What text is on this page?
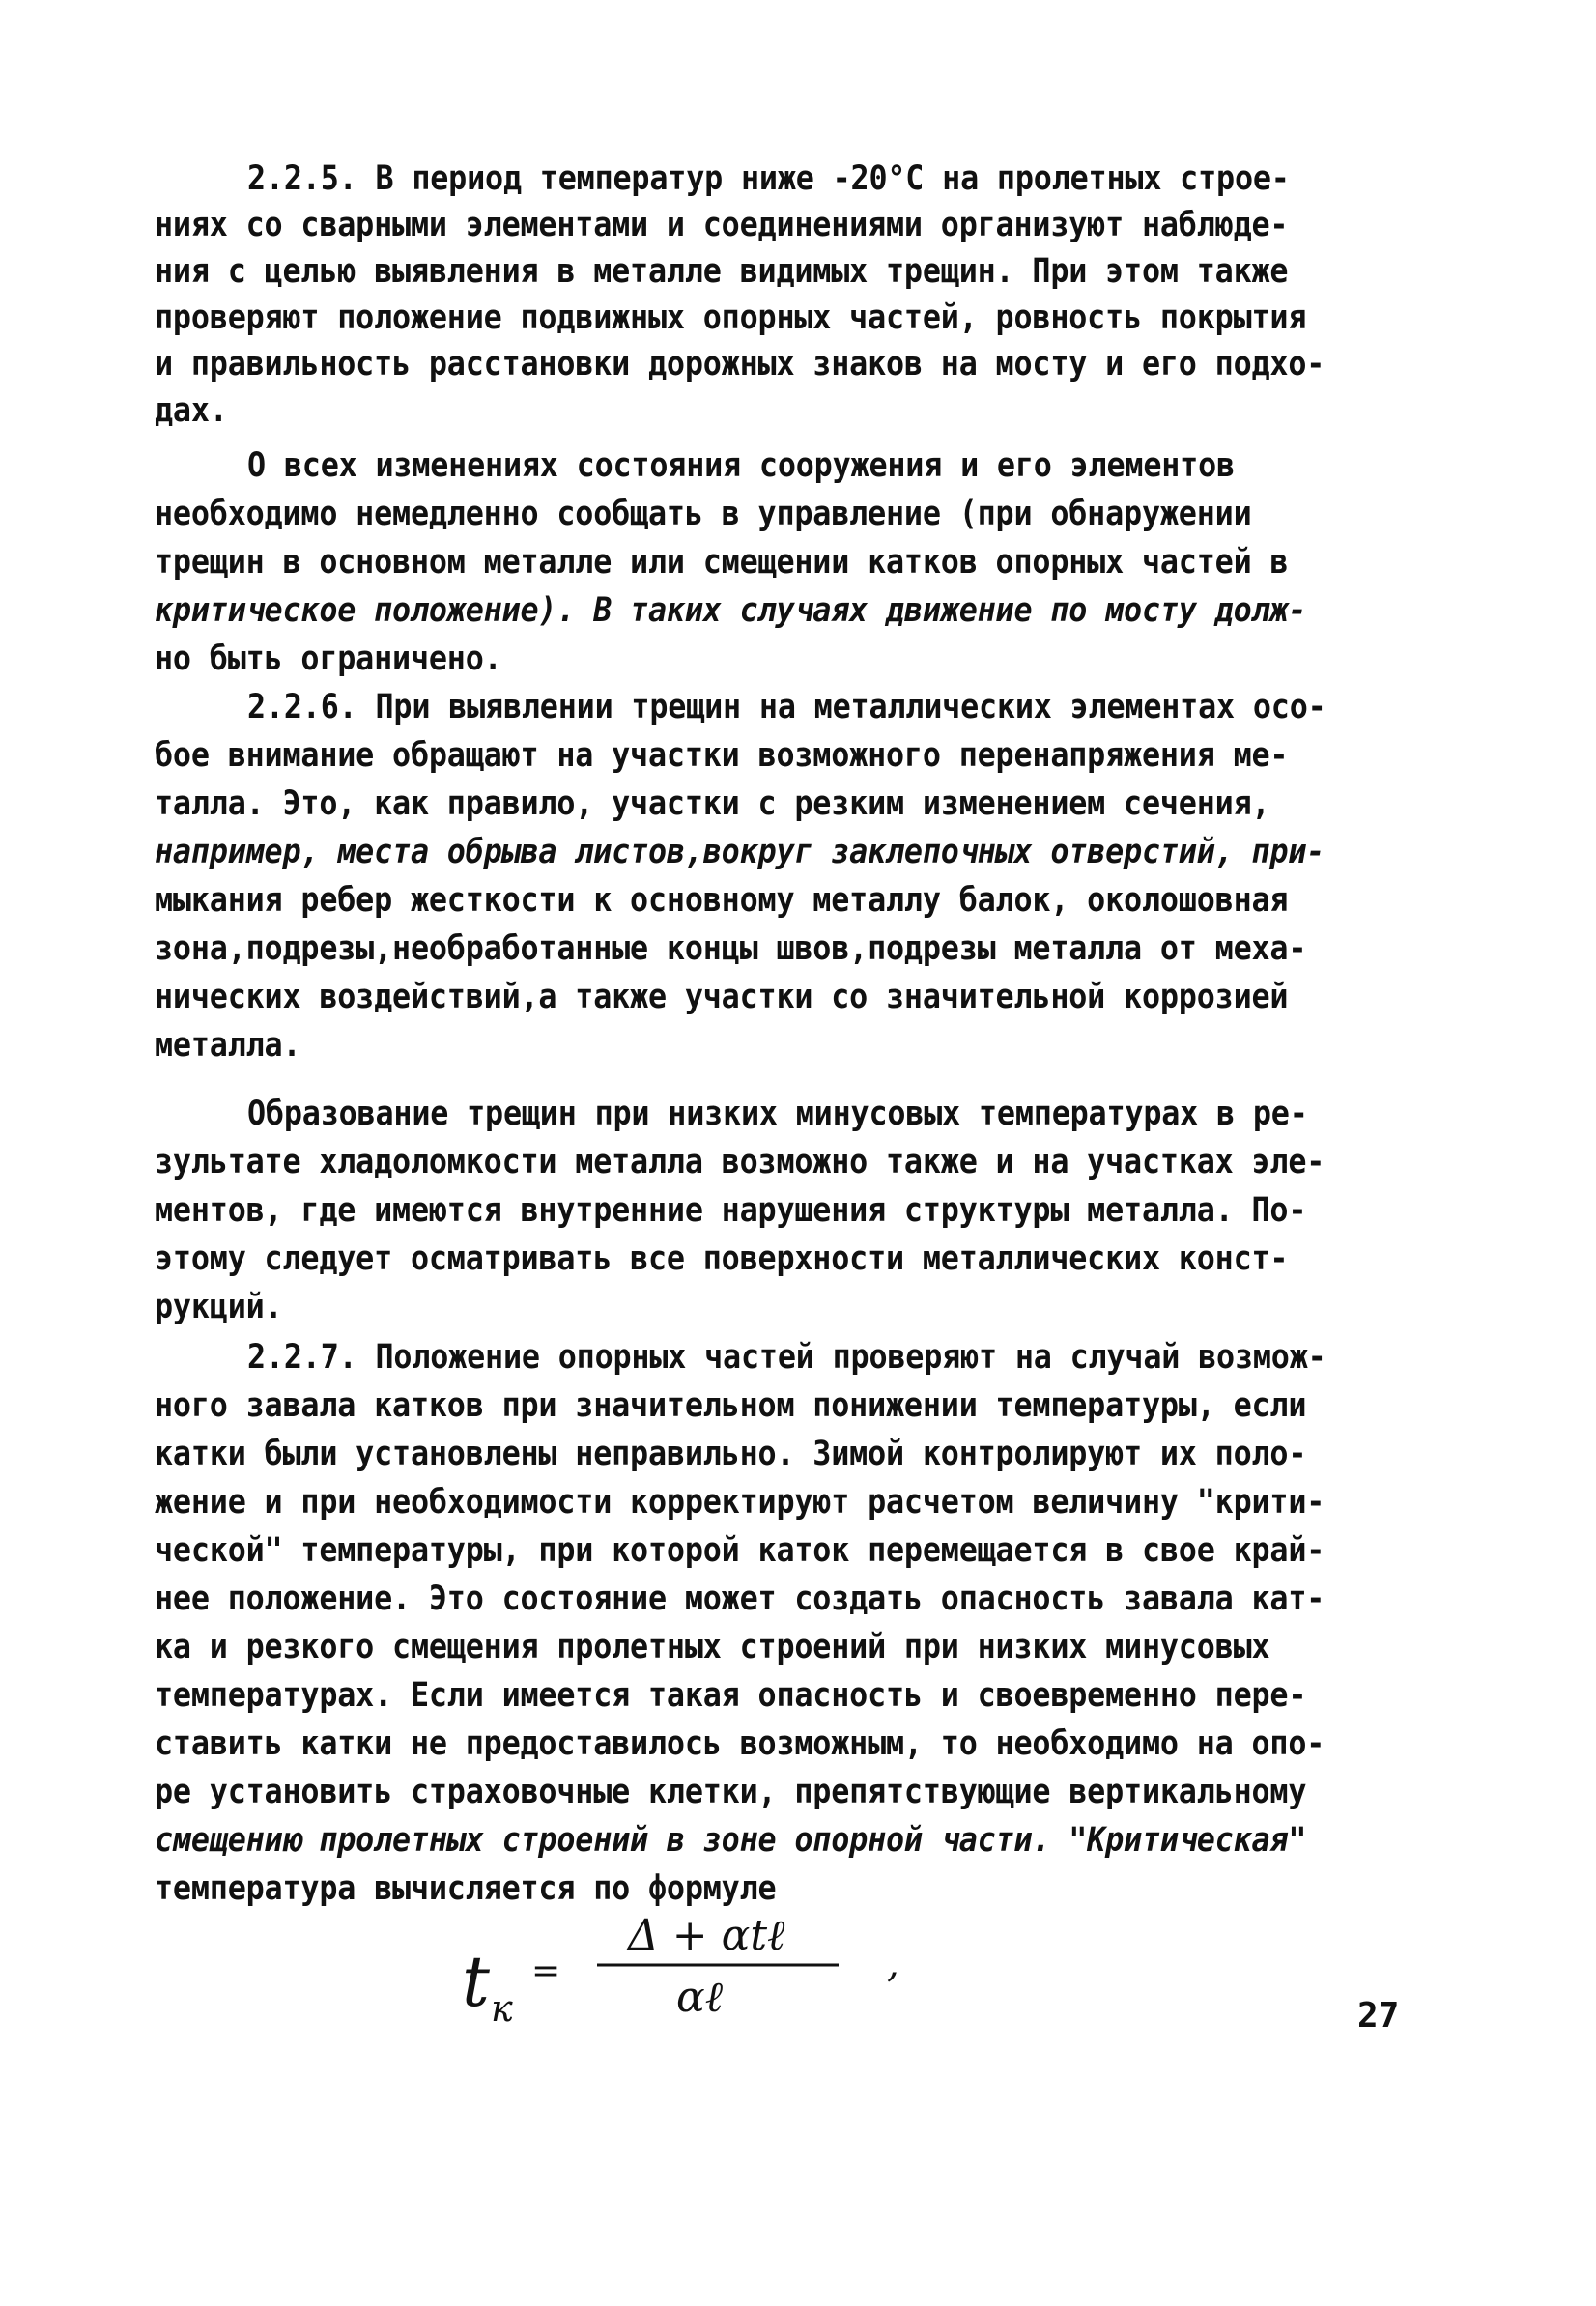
2.2.5. В период температур ниже -20°С на пролетных строе-
ниях со сварными элементами и соединениями организуют наблюде-
ния с целью выявления в металле видимых трещин. При этом также
проверяют положение подвижных опорных частей, ровность покрытия
и правильность расстановки дорожных знаков на мосту и его подхо-
дах.
О всех изменениях состояния сооружения и его элементов
необходимо немедленно сообщать в управление (при обнаружении
трещин в основном металле или смещении катков опорных частей в
критическое положение). В таких случаях движение по мосту долж-
но быть ограничено.
2.2.6. При выявлении трещин на металлических элементах осо-
бое внимание обращают на участки возможного перенапряжения ме-
талла. Это, как правило, участки с резким изменением сечения,
например, места обрыва листов,вокруг заклепочных отверстий, при-
мыкания ребер жесткости к основному металлу балок, околошовная
зона,подрезы,необработанные концы швов,подрезы металла от меха-
нических воздействий,а также участки со значительной коррозией
металла.
Образование трещин при низких минусовых температурах в ре-
зультате хладоломкости металла возможно также и на участках эле-
ментов, где имеются внутренние нарушения структуры металла. По-
этому следует осматривать все поверхности металлических конст-
рукций.
2.2.7. Положение опорных частей проверяют на случай возмож-
ного завала катков при значительном понижении температуры, если
катки были установлены неправильно. Зимой контролируют их поло-
жение и при необходимости корректируют расчетом величину "крити-
ческой" температуры, при которой каток перемещается в свое край-
нее положение. Это состояние может создать опасность завала кат-
ка и резкого смещения пролетных строений при низких минусовых
температурах. Если имеется такая опасность и своевременно пере-
ставить катки не предоставилось возможным, то необходимо на опо-
ре установить страховочные клетки, препятствующие вертикальному
смещению пролетных строений в зоне опорной части. "Критическая"
температура вычисляется по формуле
t к
=
Δ + αtℓ
αℓ
,
27
